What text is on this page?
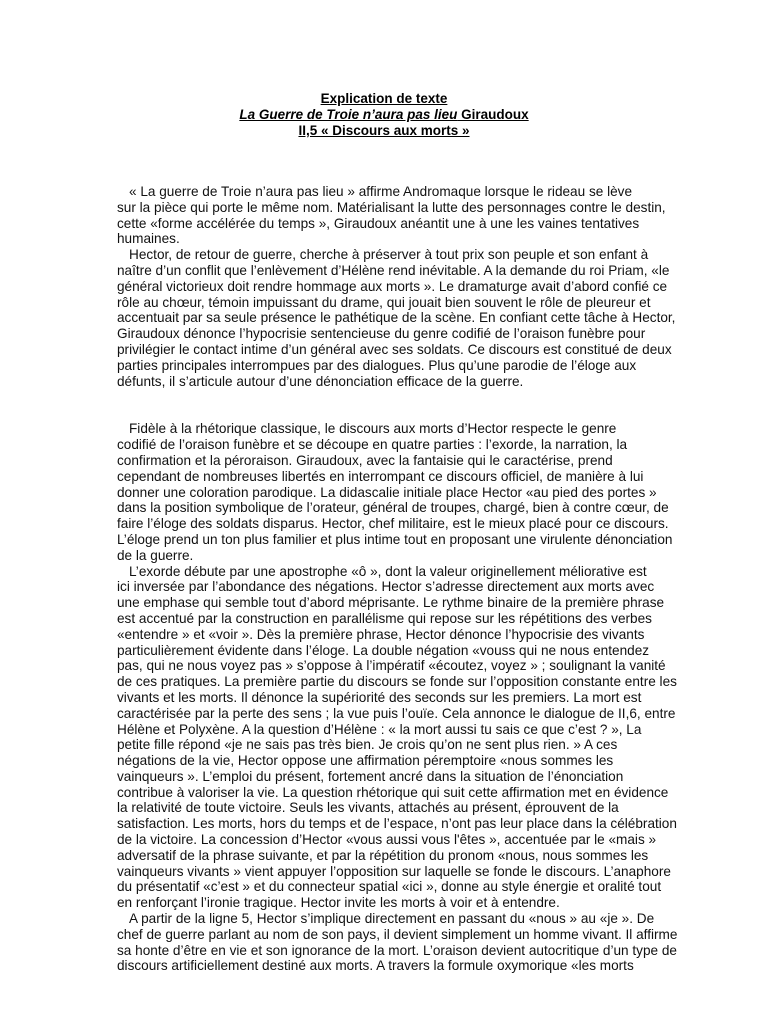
Explication de texte
La Guerre de Troie n’aura pas lieu Giraudoux
II,5 « Discours aux morts »
« La guerre de Troie n’aura pas lieu » affirme Andromaque lorsque le rideau se lève
sur la pièce qui porte le même nom. Matérialisant la lutte des personnages contre le destin,
cette «forme accélérée du temps », Giraudoux anéantit une à une les vaines tentatives
humaines.
Hector, de retour de guerre, cherche à préserver à tout prix son peuple et son enfant à
naître d’un conflit que l’enlèvement d’Hélène rend inévitable. A la demande du roi Priam, «le
général victorieux doit rendre hommage aux morts ». Le dramaturge avait d’abord confié ce
rôle au chœur, témoin impuissant du drame, qui jouait bien souvent le rôle de pleureur et
accentuait par sa seule présence le pathétique de la scène. En confiant cette tâche à Hector,
Giraudoux dénonce l’hypocrisie sentencieuse du genre codifié de l’oraison funèbre pour
privilégier le contact intime d’un général avec ses soldats. Ce discours est constitué de deux
parties principales interrompues par des dialogues. Plus qu’une parodie de l’éloge aux
défunts, il s’articule autour d’une dénonciation efficace de la guerre.
Fidèle à la rhétorique classique, le discours aux morts d’Hector respecte le genre
codifié de l’oraison funèbre et se découpe en quatre parties : l’exorde, la narration, la
confirmation et la péroraison. Giraudoux, avec la fantaisie qui le caractérise, prend
cependant de nombreuses libertés en interrompant ce discours officiel, de manière à lui
donner une coloration parodique. La didascalie initiale place Hector «au pied des portes »
dans la position symbolique de l’orateur, général de troupes, chargé, bien à contre cœur, de
faire l’éloge des soldats disparus. Hector, chef militaire, est le mieux placé pour ce discours.
L’éloge prend un ton plus familier et plus intime tout en proposant une virulente dénonciation
de la guerre.
L’exorde débute par une apostrophe «ô », dont la valeur originellement méliorative est
ici inversée par l’abondance des négations. Hector s’adresse directement aux morts avec
une emphase qui semble tout d’abord méprisante. Le rythme binaire de la première phrase
est accentué par la construction en parallélisme qui repose sur les répétitions des verbes
«entendre » et «voir ». Dès la première phrase, Hector dénonce l’hypocrisie des vivants
particulièrement évidente dans l’éloge. La double négation «vouss qui ne nous entendez
pas, qui ne nous voyez pas » s’oppose à l’impératif «écoutez, voyez » ; soulignant la vanité
de ces pratiques. La première partie du discours se fonde sur l’opposition constante entre les
vivants et les morts. Il dénonce la supériorité des seconds sur les premiers. La mort est
caractérisée par la perte des sens ; la vue puis l’ouïe. Cela annonce le dialogue de II,6, entre
Hélène et Polyxène. A la question d’Hélène : « la mort aussi tu sais ce que c’est ? », La
petite fille répond «je ne sais pas très bien. Je crois qu’on ne sent plus rien. » A ces
négations de la vie, Hector oppose une affirmation péremptoire «nous sommes les
vainqueurs ». L’emploi du présent, fortement ancré dans la situation de l’énonciation
contribue à valoriser la vie. La question rhétorique qui suit cette affirmation met en évidence
la relativité de toute victoire. Seuls les vivants, attachés au présent, éprouvent de la
satisfaction. Les morts, hors du temps et de l’espace, n’ont pas leur place dans la célébration
de la victoire. La concession d’Hector «vous aussi vous l'êtes », accentuée par le «mais »
adversatif de la phrase suivante, et par la répétition du pronom «nous, nous sommes les
vainqueurs vivants » vient appuyer l’opposition sur laquelle se fonde le discours. L’anaphore
du présentatif «c’est » et du connecteur spatial «ici », donne au style énergie et oralité tout
en renforçant l’ironie tragique. Hector invite les morts à voir et à entendre.
A partir de la ligne 5, Hector s’implique directement en passant du «nous » au «je ». De
chef de guerre parlant au nom de son pays, il devient simplement un homme vivant. Il affirme
sa honte d’être en vie et son ignorance de la mort. L’oraison devient autocritique d’un type de
discours artificiellement destiné aux morts. A travers la formule oxymorique «les morts
